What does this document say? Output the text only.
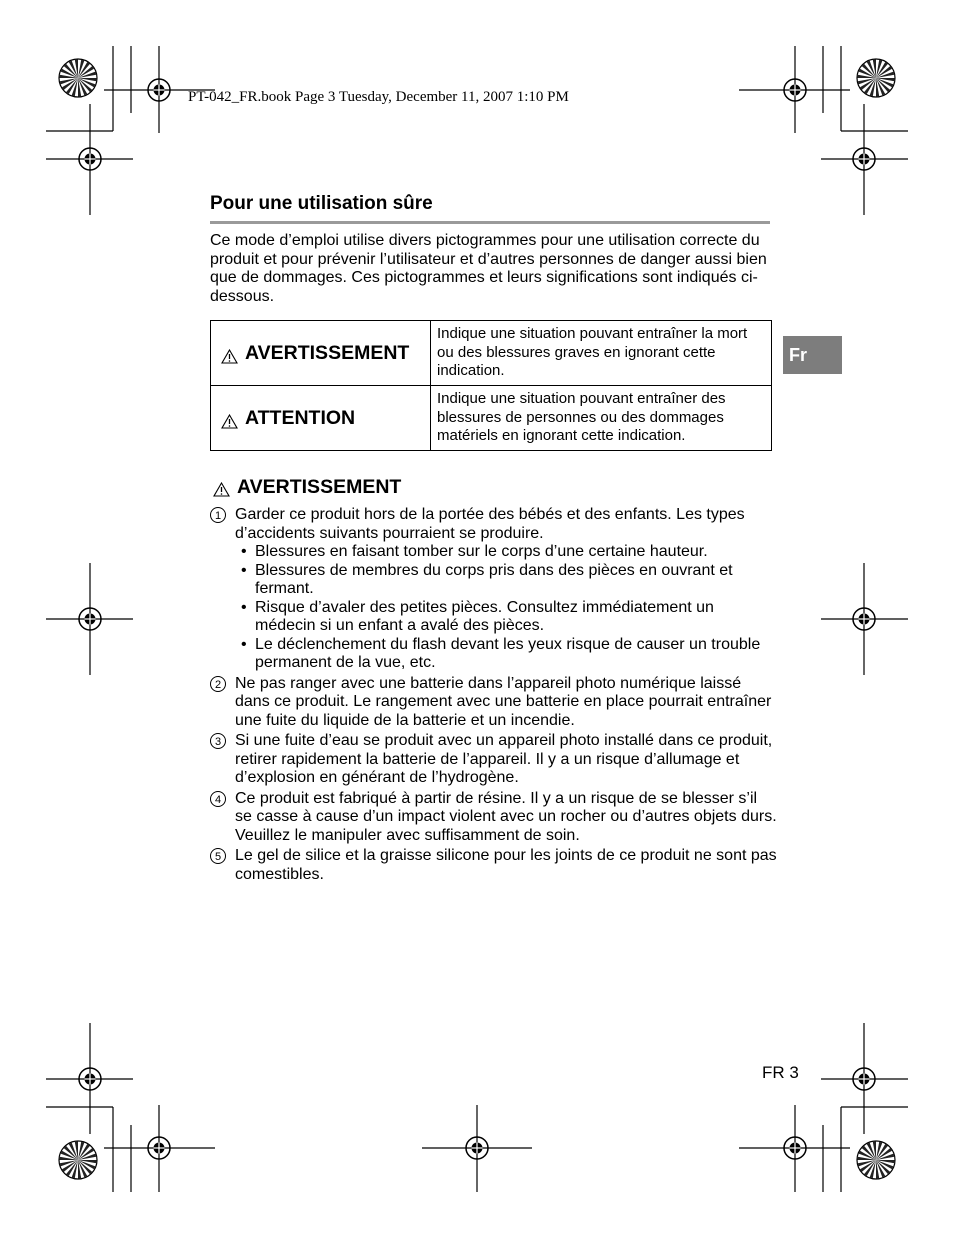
PT-042_FR.book Page 3 Tuesday, December 11, 2007 1:10 PM
Pour une utilisation sûre
Ce mode d’emploi utilise divers pictogrammes pour une utilisation correcte du produit et pour prévenir l’utilisateur et d’autres personnes de danger aussi bien que de dommages. Ces pictogrammes et leurs significations sont indiqués ci-dessous.
AVERTISSEMENT	Indique une situation pouvant entraîner la mort ou des blessures graves en ignorant cette indication.

ATTENTION	Indique une situation pouvant entraîner des blessures de personnes ou des dommages matériels en ignorant cette indication.
Fr
AVERTISSEMENT
1 Garder ce produit hors de la portée des bébés et des enfants. Les types d’accidents suivants pourraient se produire.
• Blessures en faisant tomber sur le corps d’une certaine hauteur.
• Blessures de membres du corps pris dans des pièces en ouvrant et fermant.
• Risque d’avaler des petites pièces. Consultez immédiatement un médecin si un enfant a avalé des pièces.
• Le déclenchement du flash devant les yeux risque de causer un trouble permanent de la vue, etc.
2 Ne pas ranger avec une batterie dans l’appareil photo numérique laissé dans ce produit. Le rangement avec une batterie en place pourrait entraîner une fuite du liquide de la batterie et un incendie.
3 Si une fuite d’eau se produit avec un appareil photo installé dans ce produit, retirer rapidement la batterie de l’appareil. Il y a un risque d’allumage et d’explosion en générant de l’hydrogène.
4 Ce produit est fabriqué à partir de résine. Il y a un risque de se blesser s’il se casse à cause d’un impact violent avec un rocher ou d’autres objets durs. Veuillez le manipuler avec suffisamment de soin.
5 Le gel de silice et la graisse silicone pour les joints de ce produit ne sont pas comestibles.
FR 3
